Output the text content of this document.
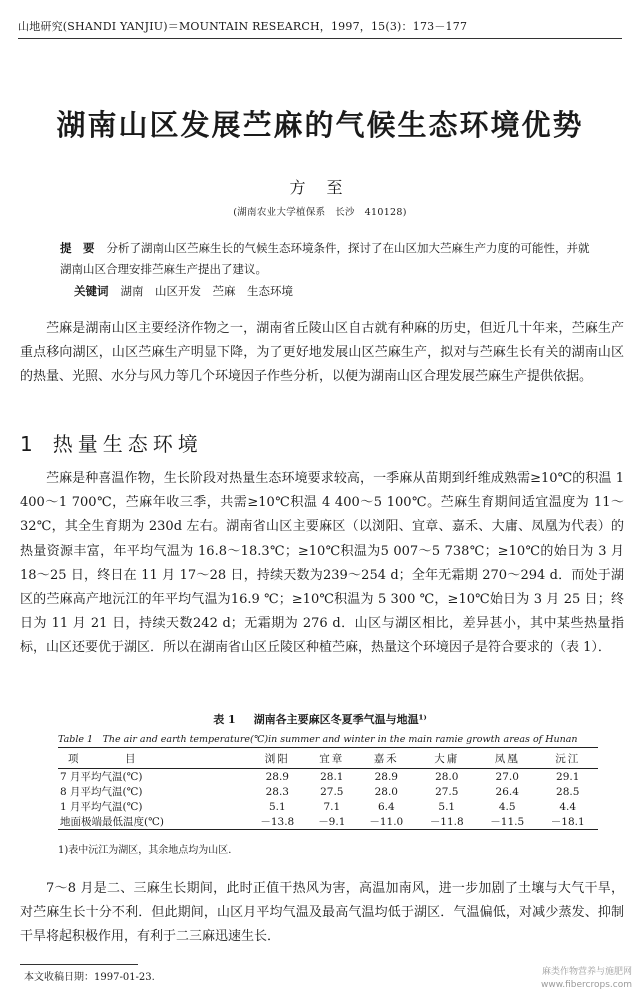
山地研究(SHANDI YANJIU)＝MOUNTAIN RESEARCH，1997，15(3)：173－177
湖南山区发展苎麻的气候生态环境优势
方 至
(湖南农业大学植保系　长沙　410128)

提　要 分析了湖南山区苎麻生长的气候生态环境条件，探讨了在山区加大苎麻生产力度的可能性，并就湖南山区合理安排苎麻生产提出了建议。

关键词 湖南　山区开发　苎麻　生态环境

苎麻是湖南山区主要经济作物之一，湖南省丘陵山区自古就有种麻的历史，但近几十年来，苎麻生产重点移向湖区，山区苎麻生产明显下降，为了更好地发展山区苎麻生产，拟对与苎麻生长有关的湖南山区的热量、光照、水分与风力等几个环境因子作些分析，以便为湖南山区合理发展苎麻生产提供依据。

1 热量生态环境

苎麻是种喜温作物，生长阶段对热量生态环境要求较高，一季麻从苗期到纤维成熟需≥10℃的积温 1 400～1 700℃，苎麻年收三季，共需≥10℃积温 4 400～5 100℃。苎麻生育期间适宜温度为 11～32℃，其全生育期为 230d 左右。湖南省山区主要麻区（以浏阳、宜章、嘉禾、大庸、凤凰为代表）的热量资源丰富，年平均气温为 16.8～18.3℃；≥10℃积温为5 007～5 738℃；≥10℃的始日为 3 月 18～25 日，终日在 11 月 17～28 日，持续天数为239～254 d；全年无霜期 270～294 d．而处于湖区的苎麻高产地沅江的年平均气温为16.9 ℃；≥10℃积温为 5 300 ℃，≥10℃始日为 3 月 25 日；终日为 11 月 21 日，持续天数242 d；无霜期为 276 d．山区与湖区相比，差异甚小，其中某些热量指标，山区还要优于湖区．所以在湖南省山区丘陵区种植苎麻，热量这个环境因子是符合要求的（表 1）．

表 1 湖南各主要麻区冬夏季气温与地温¹⁾
Table 1　The air and earth temperature(℃)in summer and winter in the main ramie growth areas of Hunan
项　目	浏阳	宜章	嘉禾	大庸	凤凰	沅江
7 月平均气温(℃)	28.9	28.1	28.9	28.0	27.0	29.1
8 月平均气温(℃)	28.3	27.5	28.0	27.5	26.4	28.5
1 月平均气温(℃)	5.1	7.1	6.4	5.1	4.5	4.4
地面极端最低温度(℃)	－13.8	－9.1	－11.0	－11.8	－11.5	－18.1
1)表中沅江为湖区，其余地点均为山区．

7～8 月是二、三麻生长期间，此时正值干热风为害，高温加南风，进一步加剧了土壤与大气干旱，对苎麻生长十分不利．但此期间，山区月平均气温及最高气温均低于湖区．气温偏低，对减少蒸发、抑制干旱将起积极作用，有利于二三麻迅速生长．

本文收稿日期：1997-01-23.	麻类作物营养与施肥网
www.fibercrops.com
